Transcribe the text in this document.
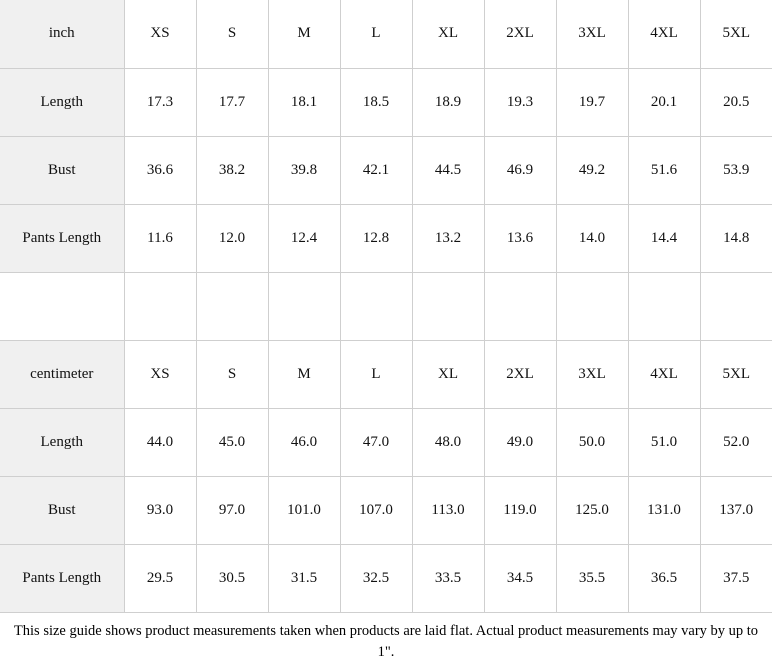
inch	XS	S	M	L	XL	2XL	3XL	4XL	5XL
Length	17.3	17.7	18.1	18.5	18.9	19.3	19.7	20.1	20.5
Bust	36.6	38.2	39.8	42.1	44.5	46.9	49.2	51.6	53.9
Pants Length	11.6	12.0	12.4	12.8	13.2	13.6	14.0	14.4	14.8

centimeter	XS	S	M	L	XL	2XL	3XL	4XL	5XL
Length	44.0	45.0	46.0	47.0	48.0	49.0	50.0	51.0	52.0
Bust	93.0	97.0	101.0	107.0	113.0	119.0	125.0	131.0	137.0
Pants Length	29.5	30.5	31.5	32.5	33.5	34.5	35.5	36.5	37.5
This size guide shows product measurements taken when products are laid flat. Actual product measurements may vary by up to 1".
